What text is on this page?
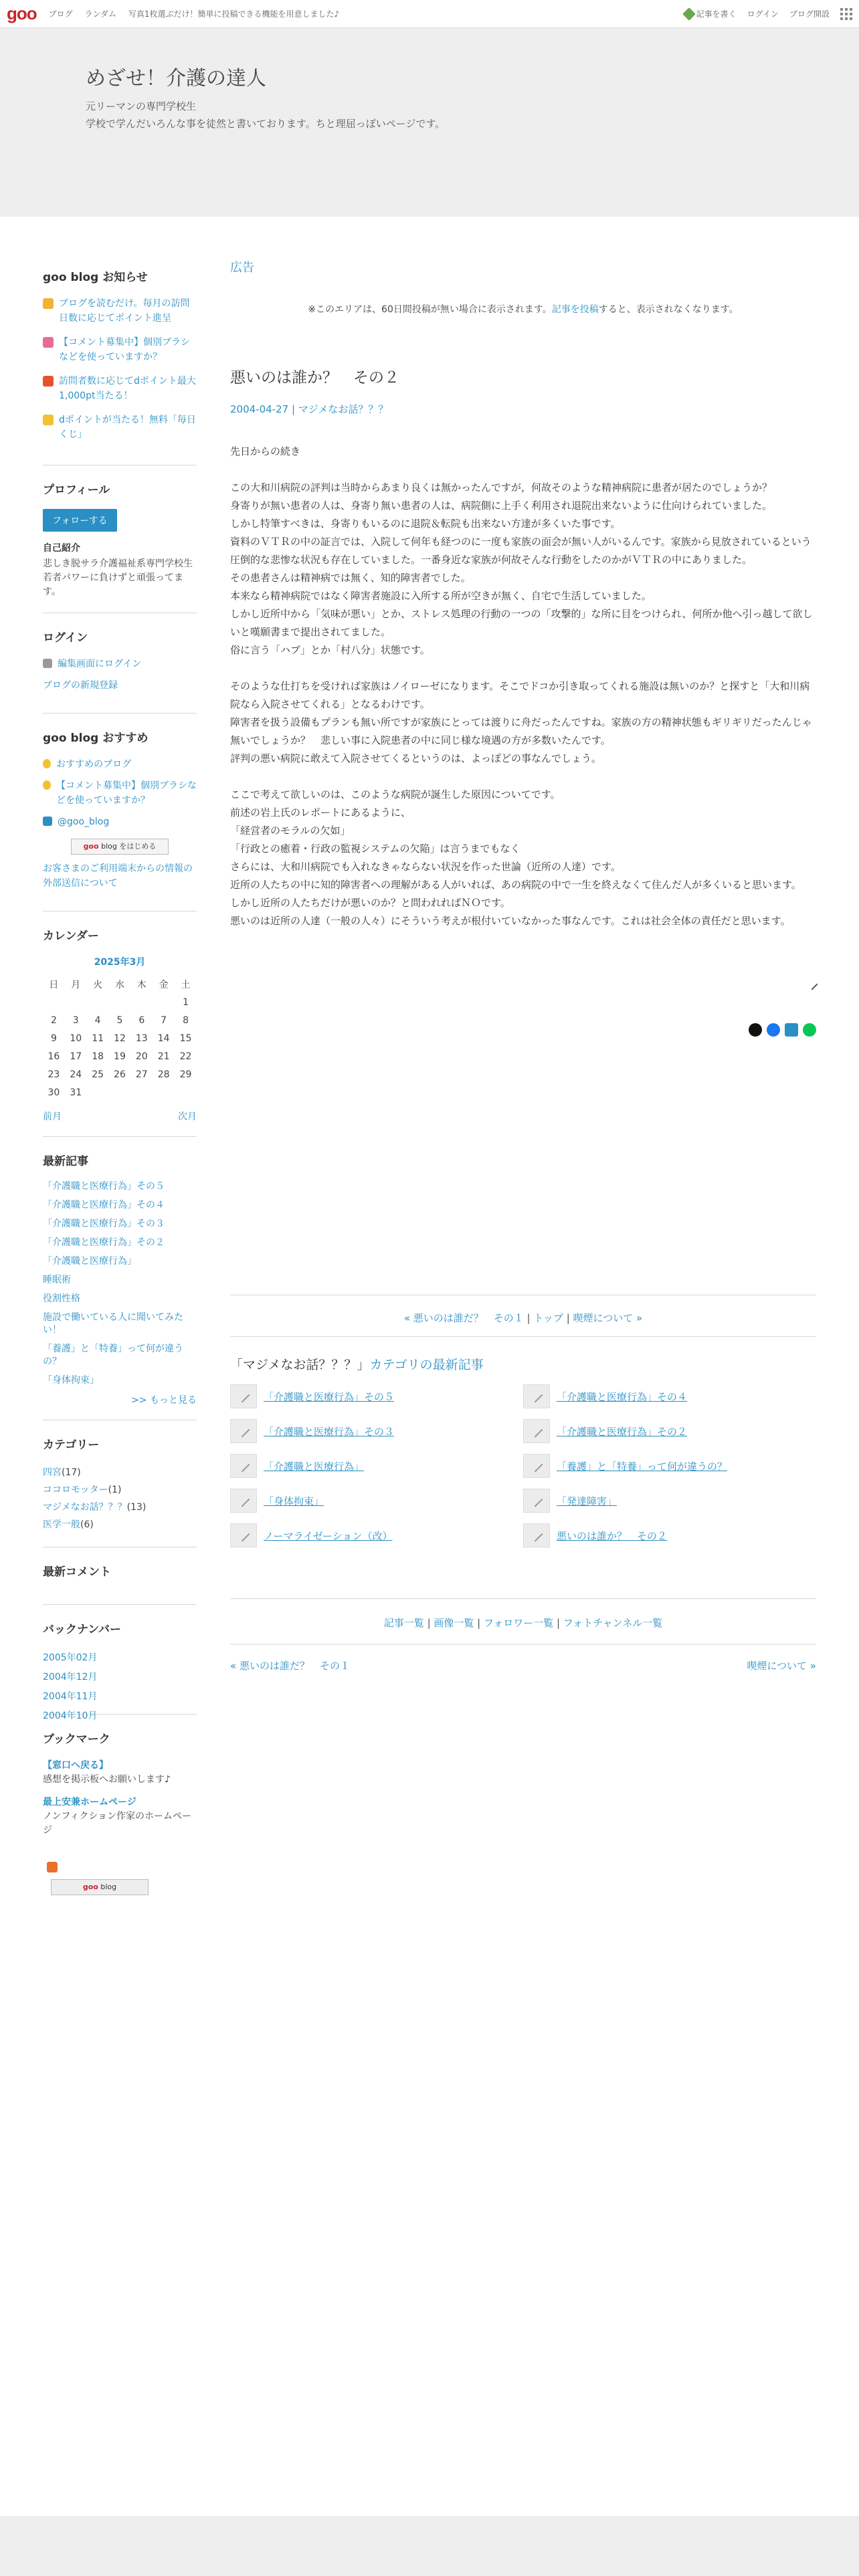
goo ブログ ランダム 写真1枚選ぶだけ！簡単に投稿できる機能を用意しました♪	記事を書く ログイン ブログ開設
めざせ！介護の達人
元リーマンの専門学校生
学校で学んだいろんな事を徒然と書いております。ちと理屈っぽいページです。
goo blog お知らせ
ブログを読むだけ。毎月の訪問日数に応じてポイント進呈
【コメント募集中】個別ブラシなどを使っていますか？
訪問者数に応じてdポイント最大1,000pt当たる！
dポイントが当たる！無料「毎日くじ」
プロフィール
フォローする
自己紹介
悲しき脱サラ介護福祉系専門学校生　若者パワーに負けずと頑張ってます。
ログイン
編集画面にログイン
ブログの新規登録
goo blog おすすめ
おすすめのブログ
【コメント募集中】個別ブラシなどを使っていますか？
@goo_blog
goo blog をはじめる
お客さまのご利用端末からの情報の外部送信について
カレンダー
2025年3月
日	月	火	水	木	金	土
						1
2	3	4	5	6	7	8
9	10	11	12	13	14	15
16	17	18	19	20	21	22
23	24	25	26	27	28	29
30	31					
前月	次月
最新記事
「介護職と医療行為」その５
「介護職と医療行為」その４
「介護職と医療行為」その３
「介護職と医療行為」その２
「介護職と医療行為」
睡眠術
役割性格
施設で働いている人に聞いてみたい！
「養護」と「特養」って何が違うの？
「身体拘束」
>> もっと見る
カテゴリー
四宮(17)
ココロモッター(1)
マジメなお話？？？(13)
医学一般(6)
最新コメント
バックナンバー
2005年02月
2004年12月
2004年11月
2004年10月
ブックマーク
【窓口へ戻る】
感想を掲示板へお願いします♪
最上安兼ホームページ
ノンフィクション作家のホームページ
goo blog
広告
※このエリアは、60日間投稿が無い場合に表示されます。記事を投稿すると、表示されなくなります。
悪いのは誰か？　その２
2004-04-27 | マジメなお話？？？

先日からの続き

この大和川病院の評判は当時からあまり良くは無かったんですが，何故そのような精神病院に患者が居たのでしょうか？

身寄りが無い患者の人は、身寄り無い患者の人は、病院側に上手く利用され退院出来ないように仕向けられていました。

しかし特筆すべきは、身寄りもいるのに退院＆転院も出来ない方達が多くいた事です。

資料のＶＴＲの中の証言では、入院して何年も経つのに一度も家族の面会が無い人がいるんです。家族から見放されているという圧倒的な悲惨な状況も存在していました。一番身近な家族が何故そんな行動をしたのかがＶＴＲの中にありました。

その患者さんは精神病では無く、知的障害者でした。

本来なら精神病院ではなく障害者施設に入所する所が空きが無く、自宅で生活していました。

しかし近所中から「気味が悪い」とか、ストレス処理の行動の一つの「攻撃的」な所に目をつけられ、何所か他へ引っ越して欲しいと嘆願書まで提出されてました。

俗に言う「ハブ」とか「村八分」状態です。

そのような仕打ちを受ければ家族はノイローゼになります。そこでドコか引き取ってくれる施設は無いのか？と探すと「大和川病院なら入院させてくれる」となるわけです。

障害者を扱う設備もプランも無い所ですが家族にとっては渡りに舟だったんですね。家族の方の精神状態もギリギリだったんじゃ無いでしょうか？　悲しい事に入院患者の中に同じ様な境遇の方が多数いたんです。

評判の悪い病院に敢えて入院させてくるというのは、よっぽどの事なんでしょう。

ここで考えて欲しいのは、このような病院が誕生した原因についてです。

前述の岩上氏のレポートにあるように、

「経営者のモラルの欠如」

「行政との癒着・行政の監視システムの欠陥」は言うまでもなく

さらには、大和川病院でも入れなきゃならない状況を作った世論（近所の人達）です。

近所の人たちの中に知的障害者への理解がある人がいれば、あの病院の中で一生を終えなくて住んだ人が多くいると思います。

しかし近所の人たちだけが悪いのか？と問われればＮＯです。

悪いのは近所の人達（一般の人々）にそういう考えが根付いていなかった事なんです。これは社会全体の責任だと思います。

« 悪いのは誰だ？　その１ | トップ | 喫煙について »
「マジメなお話？？？」カテゴリの最新記事
「介護職と医療行為」その５	「介護職と医療行為」その４
「介護職と医療行為」その３	「介護職と医療行為」その２
「介護職と医療行為」	「養護」と「特養」って何が違うの？
「身体拘束」	「発達障害」
ノーマライゼーション（改）	悪いのは誰か？　その２
記事一覧 | 画像一覧 | フォロワー一覧 | フォトチャンネル一覧
« 悪いのは誰だ？　その１	喫煙について »
